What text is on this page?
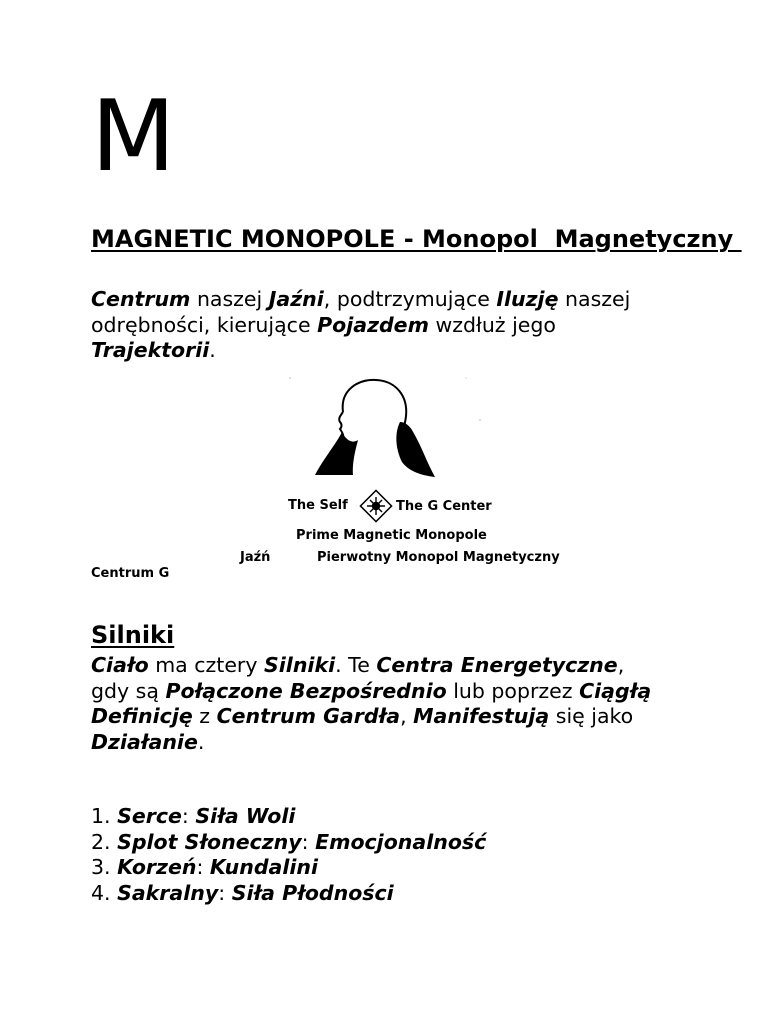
M
MAGNETIC MONOPOLE - Monopol  Magnetyczny

Centrum naszej Jaźni, podtrzymujące Iluzję naszej odrębności, kierujące Pojazdem wzdłuż jego Trajektorii.

The Self	The G Center
Prime Magnetic Monopole
Jaźń	Pierwotny Monopol Magnetyczny
Centrum G
Silniki

Ciało ma cztery Silniki. Te Centra Energetyczne, gdy są Połączone Bezpośrednio lub poprzez Ciągłą Definicję z Centrum Gardła, Manifestują się jako Działanie.

1. Serce: Siła Woli
2. Splot Słoneczny: Emocjonalność
3. Korzeń: Kundalini
4. Sakralny: Siła Płodności
